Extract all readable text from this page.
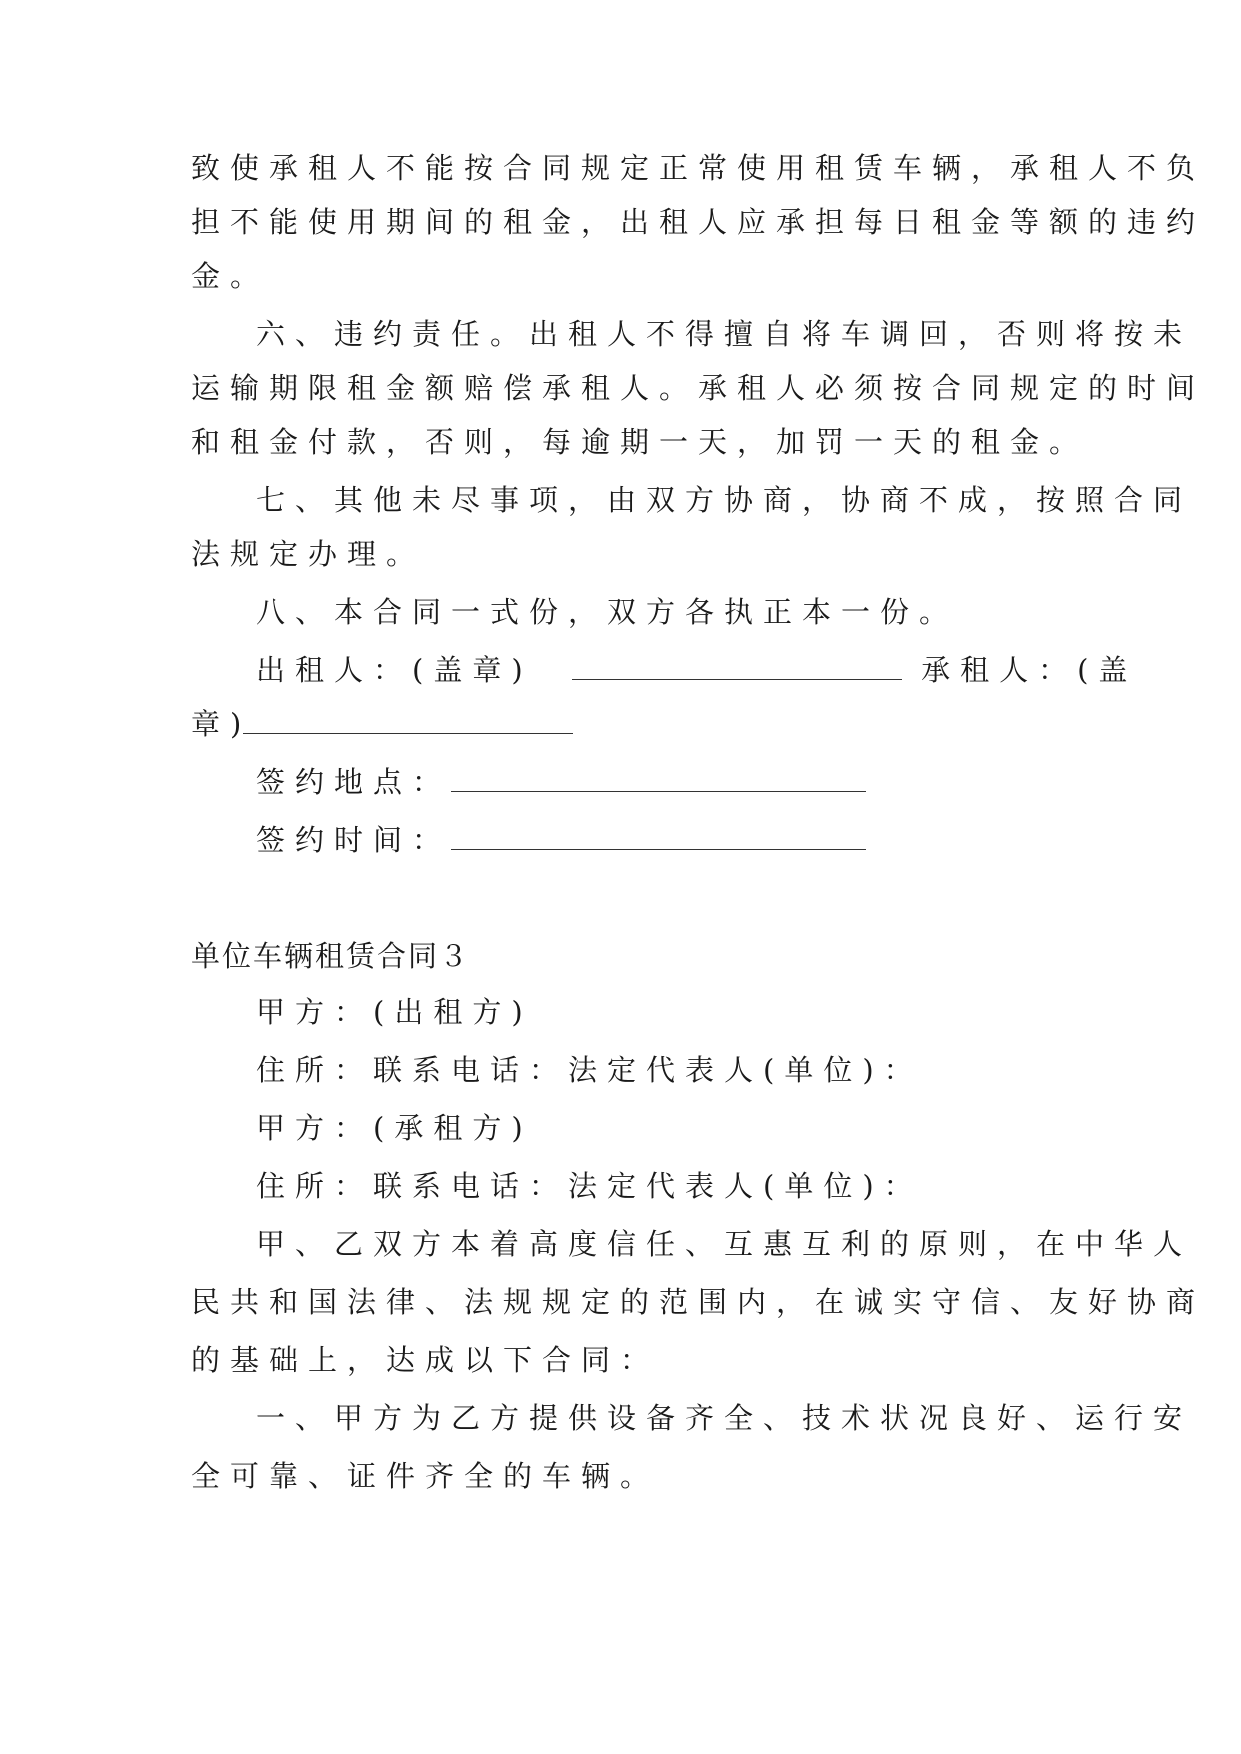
致使承租人不能按合同规定正常使用租赁车辆，承租人不负
担不能使用期间的租金，出租人应承担每日租金等额的违约
金。
六、违约责任。出租人不得擅自将车调回，否则将按未
运输期限租金额赔偿承租人。承租人必须按合同规定的时间
和租金付款，否则，每逾期一天，加罚一天的租金。
七、其他未尽事项，由双方协商，协商不成，按照合同
法规定办理。
八、本合同一式份，双方各执正本一份。
出租人：(盖章)	承租人：(盖
章)
签约地点：
签约时间：
单位车辆租赁合同３
甲方：(出租方)
住所：联系电话：法定代表人(单位)：
甲方：(承租方)
住所：联系电话：法定代表人(单位)：
甲、乙双方本着高度信任、互惠互利的原则，在中华人
民共和国法律、法规规定的范围内，在诚实守信、友好协商
的基础上，达成以下合同：
一、甲方为乙方提供设备齐全、技术状况良好、运行安
全可靠、证件齐全的车辆。
